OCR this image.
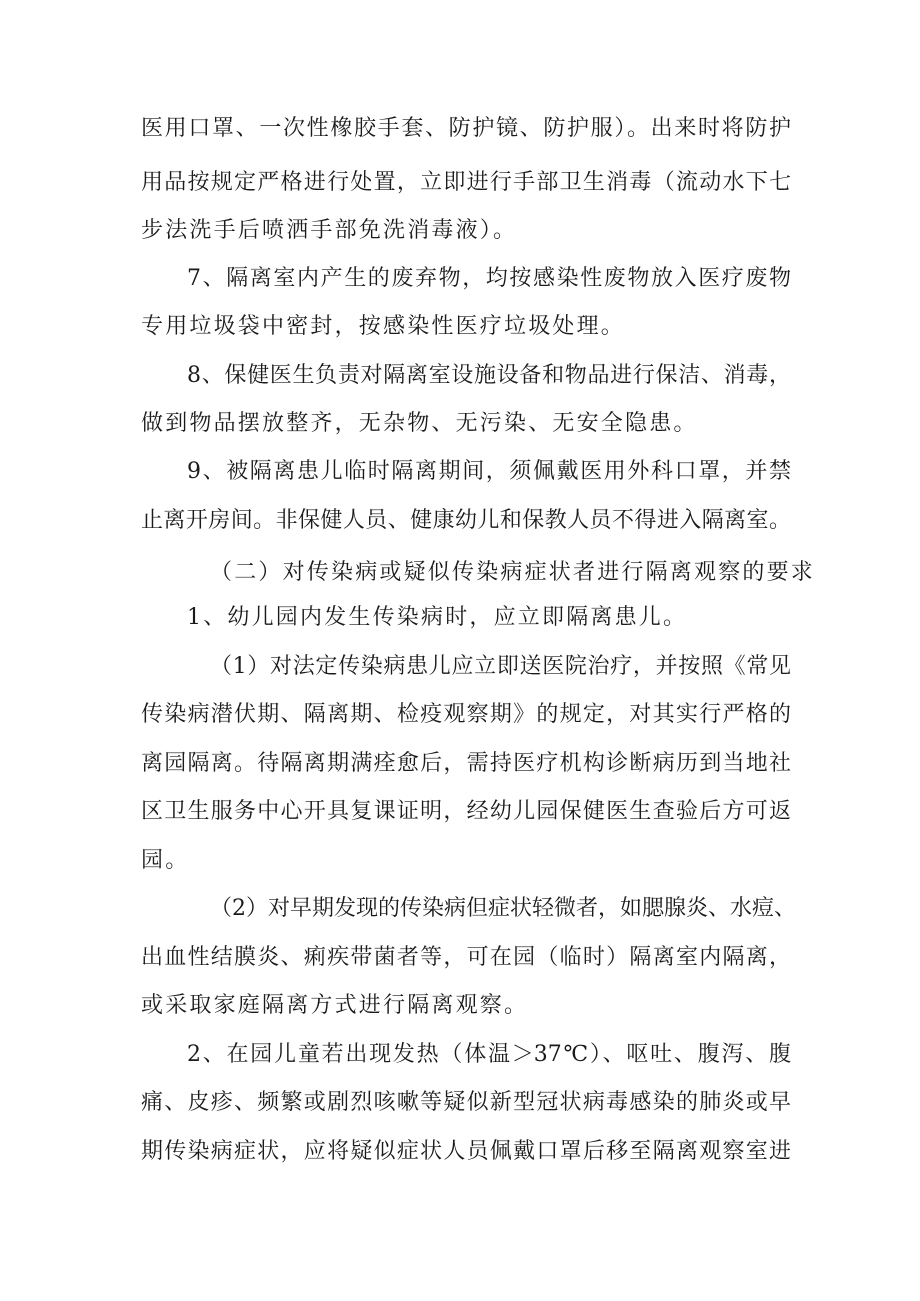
医用口罩、一次性橡胶手套、防护镜、防护服）。出来时将防护
用品按规定严格进行处置，立即进行手部卫生消毒（流动水下七
步法洗手后喷洒手部免洗消毒液）。
7、隔离室内产生的废弃物，均按感染性废物放入医疗废物
专用垃圾袋中密封，按感染性医疗垃圾处理。
8、保健医生负责对隔离室设施设备和物品进行保洁、消毒，
做到物品摆放整齐，无杂物、无污染、无安全隐患。
9、被隔离患儿临时隔离期间，须佩戴医用外科口罩，并禁
止离开房间。非保健人员、健康幼儿和保教人员不得进入隔离室。
（二）对传染病或疑似传染病症状者进行隔离观察的要求
1、幼儿园内发生传染病时，应立即隔离患儿。
（1）对法定传染病患儿应立即送医院治疗，并按照《常见
传染病潜伏期、隔离期、检疫观察期》的规定，对其实行严格的
离园隔离。待隔离期满痊愈后，需持医疗机构诊断病历到当地社
区卫生服务中心开具复课证明，经幼儿园保健医生查验后方可返
园。
（2）对早期发现的传染病但症状轻微者，如腮腺炎、水痘、
出血性结膜炎、痢疾带菌者等，可在园（临时）隔离室内隔离，
或采取家庭隔离方式进行隔离观察。
2、在园儿童若出现发热（体温＞37℃）、呕吐、腹泻、腹
痛、皮疹、频繁或剧烈咳嗽等疑似新型冠状病毒感染的肺炎或早
期传染病症状，应将疑似症状人员佩戴口罩后移至隔离观察室进
